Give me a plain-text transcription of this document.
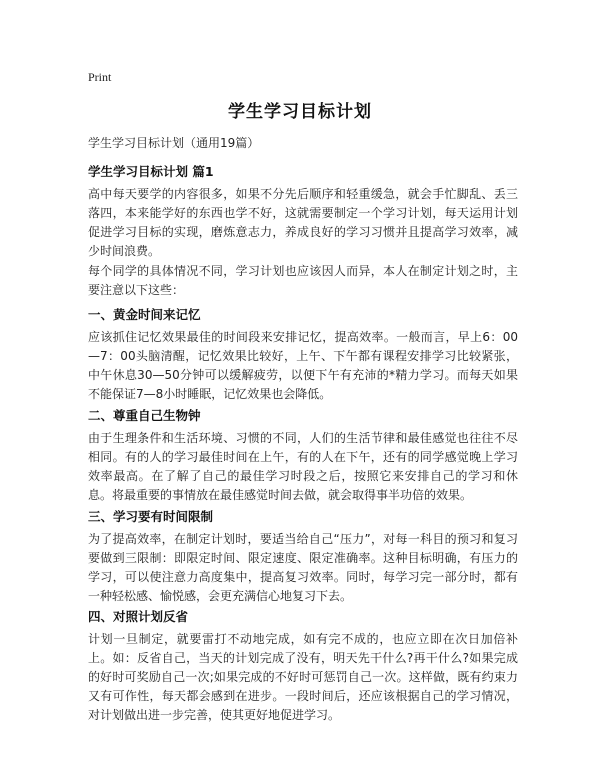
Print
学生学习目标计划
学生学习目标计划（通用19篇）
学生学习目标计划 篇1
高中每天要学的内容很多，如果不分先后顺序和轻重缓急，就会手忙脚乱、丢三落四，本来能学好的东西也学不好，这就需要制定一个学习计划，每天运用计划促进学习目标的实现，磨炼意志力，养成良好的学习习惯并且提高学习效率，减少时间浪费。
每个同学的具体情况不同，学习计划也应该因人而异，本人在制定计划之时，主要注意以下这些：
一、黄金时间来记忆
应该抓住记忆效果最佳的时间段来安排记忆，提高效率。一般而言，早上6：00—7：00头脑清醒，记忆效果比较好，上午、下午都有课程安排学习比较紧张，中午休息30—50分钟可以缓解疲劳，以便下午有充沛的*精力学习。而每天如果不能保证7—8小时睡眠，记忆效果也会降低。
二、尊重自己生物钟
由于生理条件和生活环境、习惯的不同，人们的生活节律和最佳感觉也往往不尽相同。有的人的学习最佳时间在上午，有的人在下午，还有的同学感觉晚上学习效率最高。在了解了自己的最佳学习时段之后，按照它来安排自己的学习和休息。将最重要的事情放在最佳感觉时间去做，就会取得事半功倍的效果。
三、学习要有时间限制
为了提高效率，在制定计划时，要适当给自己“压力”，对每一科目的预习和复习要做到三限制：即限定时间、限定速度、限定准确率。这种目标明确，有压力的学习，可以使注意力高度集中，提高复习效率。同时，每学习完一部分时，都有一种轻松感、愉悦感，会更充满信心地复习下去。
四、对照计划反省
计划一旦制定，就要雷打不动地完成，如有完不成的，也应立即在次日加倍补上。如：反省自己，当天的计划完成了没有，明天先干什么?再干什么?如果完成的好时可奖励自己一次;如果完成的不好时可惩罚自己一次。这样做，既有约束力又有可作性，每天都会感到在进步。一段时间后，还应该根据自己的学习情况，对计划做出进一步完善，使其更好地促进学习。
